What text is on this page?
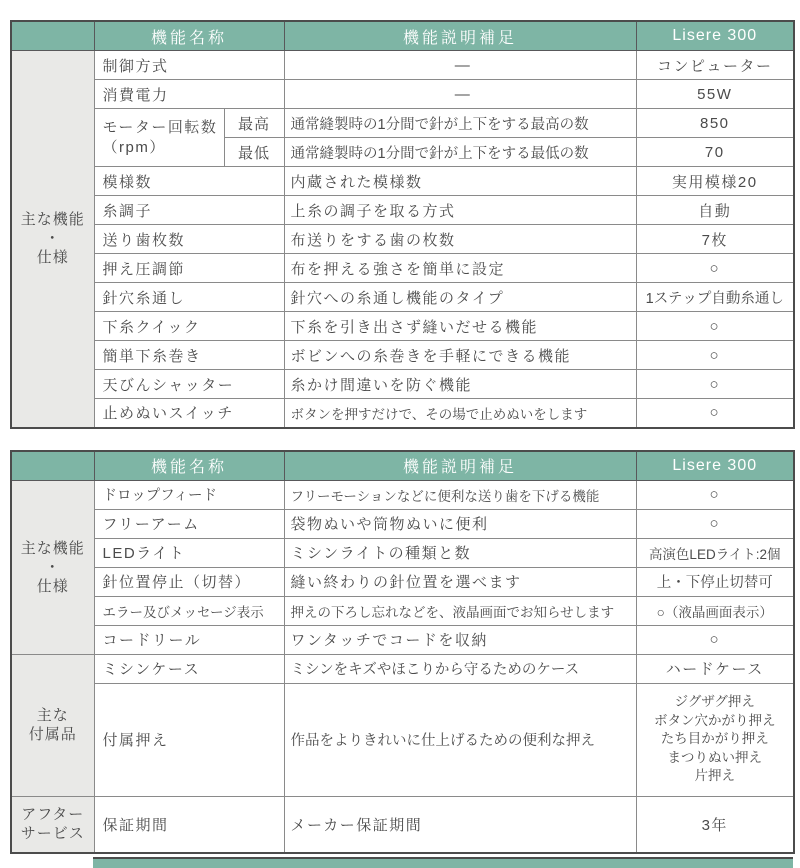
	機能名称		機能説明補足	Lisere 300

主な機能
・
仕様	制御方式		—	コンピューター
	消費電力		—	55W

	モーター回転数
（rpm）	最高	通常縫製時の1分間で針が上下をする最高の数	850
		最低	通常縫製時の1分間で針が上下をする最低の数	70
	模様数		内蔵された模様数	実用模様20
	糸調子		上糸の調子を取る方式	自動
	送り歯枚数		布送りをする歯の枚数	7枚
	押え圧調節		布を押える強さを簡単に設定	○
	針穴糸通し		針穴への糸通し機能のタイプ	1ステップ自動糸通し
	下糸クイック		下糸を引き出さず縫いだせる機能	○
	簡単下糸巻き		ボビンへの糸巻きを手軽にできる機能	○
	天びんシャッター		糸かけ間違いを防ぐ機能	○
	止めぬいスイッチ		ボタンを押すだけで、その場で止めぬいをします	○
	機能名称	機能説明補足	Lisere 300

主な機能
・
仕様	ドロップフィード	フリーモーションなどに便利な送り歯を下げる機能	○
	フリーアーム	袋物ぬいや筒物ぬいに便利	○
	LEDライト	ミシンライトの種類と数	高演色LEDライト:2個
	針位置停止（切替）	縫い終わりの針位置を選べます	上・下停止切替可
	エラー及びメッセージ表示	押えの下ろし忘れなどを、液晶画面でお知らせします	○（液晶画面表示）
	コードリール	ワンタッチでコードを収納	○

主な
付属品	ミシンケース	ミシンをキズやほこりから守るためのケース	ハードケース
	付属押え	作品をよりきれいに仕上げるための便利な押え	ジグザグ押え
ボタン穴かがり押え
たち目かがり押え
まつりぬい押え
片押え

アフター
サービス	保証期間	メーカー保証期間	3年
